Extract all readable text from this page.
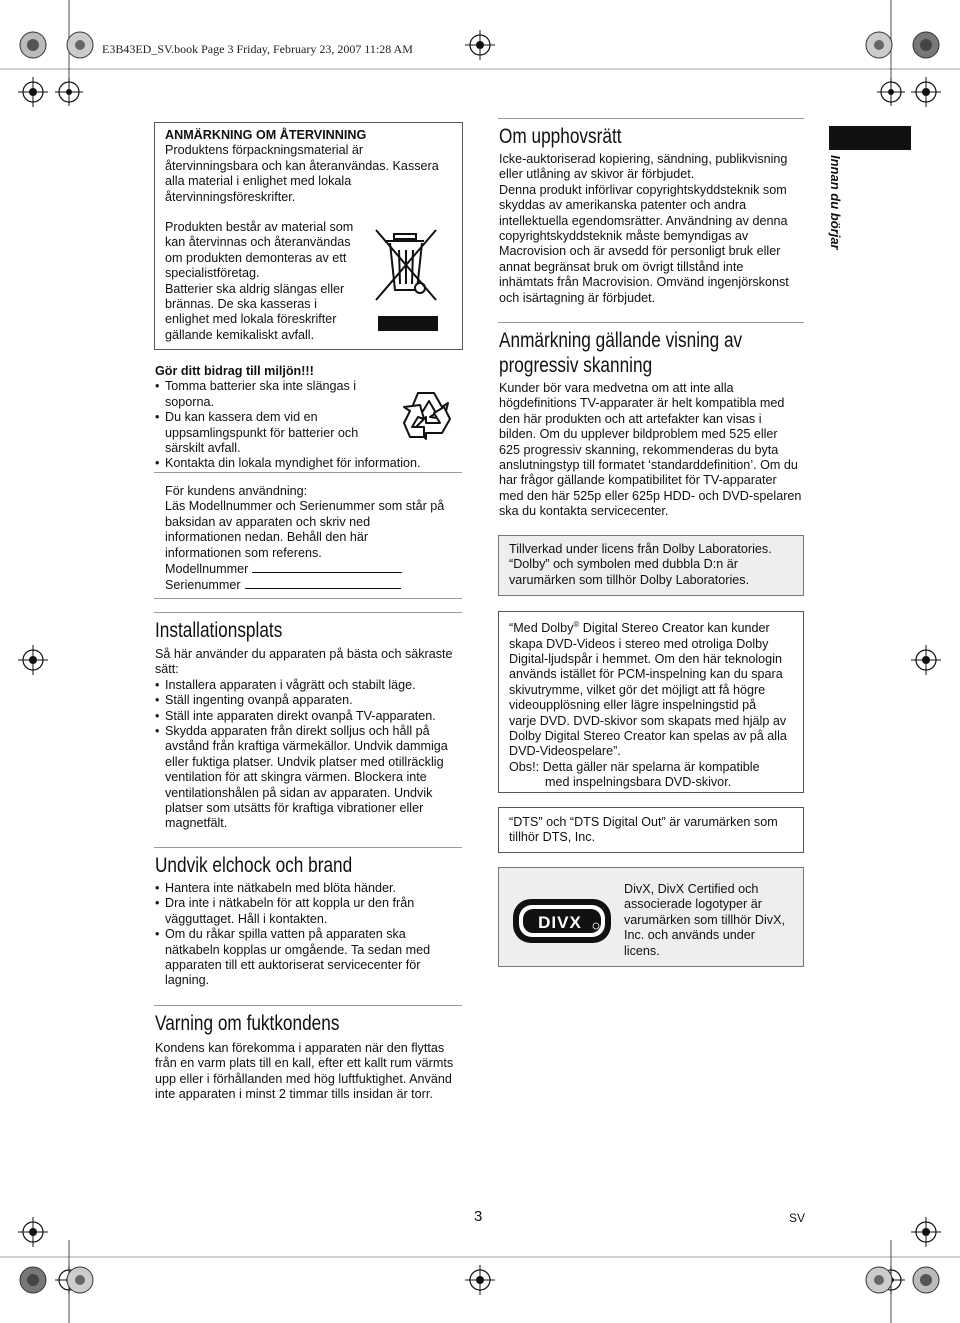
E3B43ED_SV.book Page 3 Friday, February 23, 2007 11:28 AM
Innan du börjar
ANMÄRKNING OM ÅTERVINNING
Produktens förpackningsmaterial är
återvinningsbara och kan återanvändas. Kassera
alla material i enlighet med lokala
återvinningsföreskrifter.
Produkten består av material som
kan återvinnas och återanvändas
om produkten demonteras av ett
specialistföretag.
Batterier ska aldrig slängas eller
brännas. De ska kasseras i
enlighet med lokala föreskrifter
gällande kemikaliskt avfall.
Gör ditt bidrag till miljön!!!
• Tomma batterier ska inte slängas i
soporna.
• Du kan kassera dem vid en
uppsamlingspunkt för batterier och
särskilt avfall.
• Kontakta din lokala myndighet för information.
För kundens användning:
Läs Modellnummer och Serienummer som står på
baksidan av apparaten och skriv ned
informationen nedan. Behåll den här
informationen som referens.
Modellnummer
Serienummer
Installationsplats
Så här använder du apparaten på bästa och säkraste
sätt:
• Installera apparaten i vågrätt och stabilt läge.
• Ställ ingenting ovanpå apparaten.
• Ställ inte apparaten direkt ovanpå TV-apparaten.
• Skydda apparaten från direkt solljus och håll på
avstånd från kraftiga värmekällor. Undvik dammiga
eller fuktiga platser. Undvik platser med otillräcklig
ventilation för att skingra värmen. Blockera inte
ventilationshålen på sidan av apparaten. Undvik
platser som utsätts för kraftiga vibrationer eller
magnetfält.
Undvik elchock och brand
• Hantera inte nätkabeln med blöta händer.
• Dra inte i nätkabeln för att koppla ur den från
vägguttaget. Håll i kontakten.
• Om du råkar spilla vatten på apparaten ska
nätkabeln kopplas ur omgående. Ta sedan med
apparaten till ett auktoriserat servicecenter för
lagning.
Varning om fuktkondens
Kondens kan förekomma i apparaten när den flyttas
från en varm plats till en kall, efter ett kallt rum värmts
upp eller i förhållanden med hög luftfuktighet. Använd
inte apparaten i minst 2 timmar tills insidan är torr.
Om upphovsrätt
Icke-auktoriserad kopiering, sändning, publikvisning
eller utlåning av skivor är förbjudet.
Denna produkt införlivar copyrightskyddsteknik som
skyddas av amerikanska patenter och andra
intellektuella egendomsrätter. Användning av denna
copyrightskyddsteknik måste bemyndigas av
Macrovision och är avsedd för personligt bruk eller
annat begränsat bruk om övrigt tillstånd inte
inhämtats från Macrovision. Omvänd ingenjörskonst
och isärtagning är förbjudet.
Anmärkning gällande visning av
progressiv skanning
Kunder bör vara medvetna om att inte alla
högdefinitions TV-apparater är helt kompatibla med
den här produkten och att artefakter kan visas i
bilden. Om du upplever bildproblem med 525 eller
625 progressiv skanning, rekommenderas du byta
anslutningstyp till formatet ‘standarddefinition’. Om du
har frågor gällande kompatibilitet för TV-apparater
med den här 525p eller 625p HDD- och DVD-spelaren
ska du kontakta servicecenter.
Tillverkad under licens från Dolby Laboratories.
“Dolby” och symbolen med dubbla D:n är
varumärken som tillhör Dolby Laboratories.
“Med Dolby® Digital Stereo Creator kan kunder
skapa DVD-Videos i stereo med otroliga Dolby
Digital-ljudspår i hemmet. Om den här teknologin
används istället för PCM-inspelning kan du spara
skivutrymme, vilket gör det möjligt att få högre
videoupplösning eller lägre inspelningstid på
varje DVD. DVD-skivor som skapats med hjälp av
Dolby Digital Stereo Creator kan spelas av på alla
DVD-Videospelare”.
Obs!: Detta gäller när spelarna är kompatible
med inspelningsbara DVD-skivor.
“DTS” och “DTS Digital Out” är varumärken som
tillhör DTS, Inc.
DIVX
DivX, DivX Certified och
associerade logotyper är
varumärken som tillhör DivX,
Inc. och används under
licens.
3	SV
